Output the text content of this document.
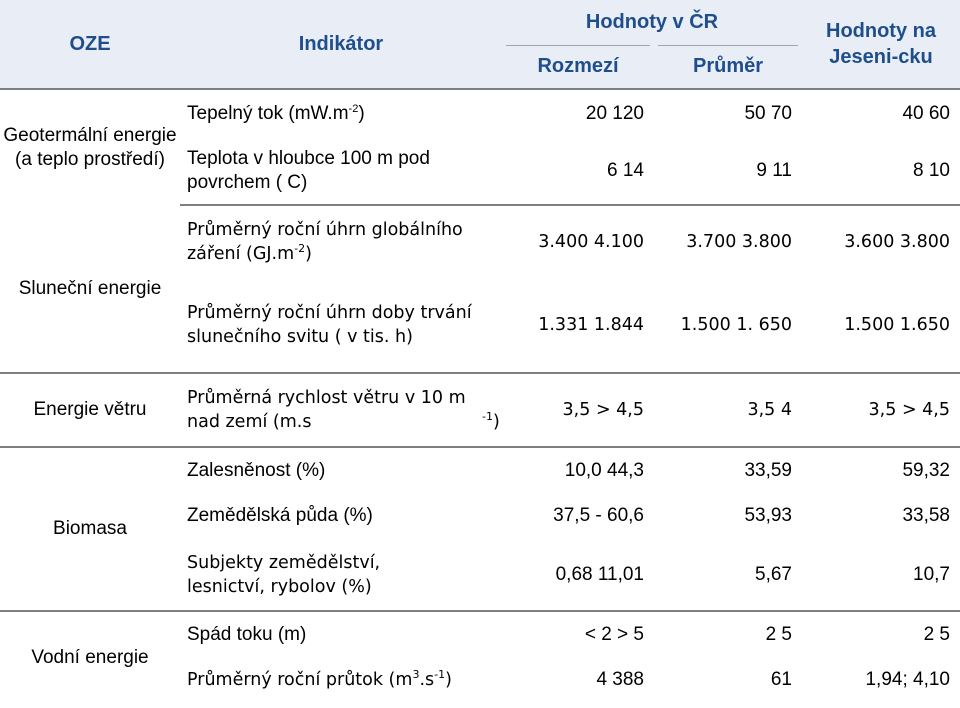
OZE	Indikátor	Hodnoty v ČR		Hodnoty na Jeseni-cku
		Rozmezí	Průměr	
Geotermální energie (a teplo prostředí)	Tepelný tok $(mW.m^{-2})$	20 120	50 70	40 60
	Teplota v hloubce 100 m pod povrchem ( C)	6 14	9 11	8 10
Sluneční energie	Průměrný roční úhrn globálního záření $(GJ.m^{-2})$	3.400 4.100	3.700 3.800	3.600 3.800
	Průměrný roční úhrn doby trvání slunečního svitu ( v tis. h)	1.331 1.844	1.500 1. 650	1.500 1.650
Energie větru	Průměrná rychlost větru v 10 m nad zemí (m.s $^{-1}$)	3,5 > 4,5	3,5 4	3,5 > 4,5
Biomasa	Zalesněnost (%)	10,0 44,3	33,59	59,32
	Zemědělská půda (%)	37,5 - 60,6	53,93	33,58
	Subjekty zemědělství, lesnictví, rybolov (%)	0,68 11,01	5,67	10,7
Vodní energie	Spád toku (m)	< 2 > 5	2 5	2 5
	Průměrný roční průtok $(m^3.s^{-1})$	4 388	61	1,94; 4,10
